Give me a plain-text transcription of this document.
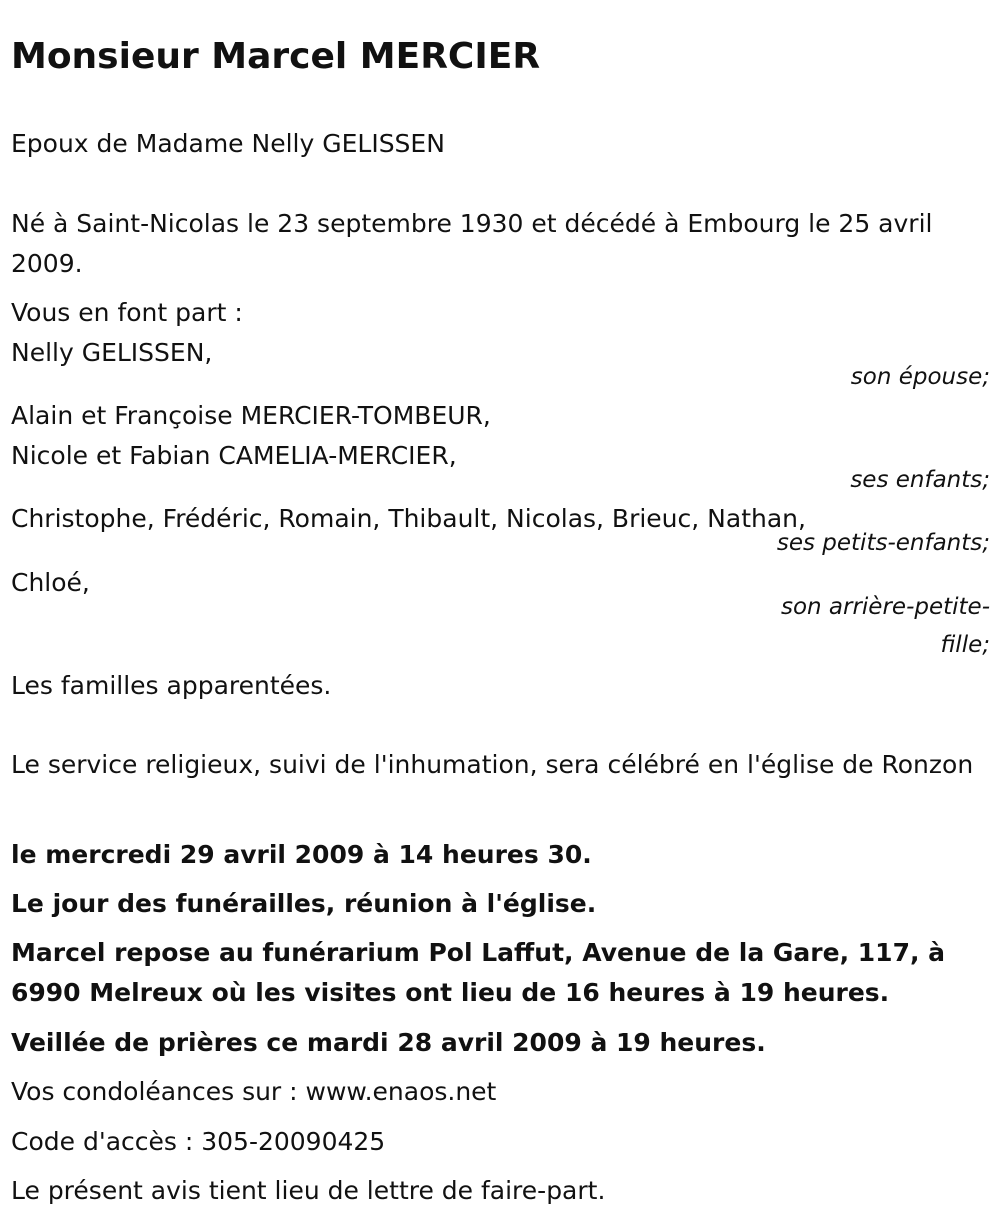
Monsieur Marcel MERCIER

Epoux de Madame Nelly GELISSEN

Né à Saint-Nicolas le 23 septembre 1930 et décédé à Embourg le 25 avril 2009.

Vous en font part :

Nelly GELISSEN,

son épouse;

Alain et Françoise MERCIER-TOMBEUR,

Nicole et Fabian CAMELIA-MERCIER,

ses enfants;

Christophe, Frédéric, Romain, Thibault, Nicolas, Brieuc, Nathan,

ses petits-enfants;

Chloé,

son arrière-petite-fille;

Les familles apparentées.

Le service religieux, suivi de l'inhumation, sera célébré en l'église de Ronzon

le mercredi 29 avril 2009 à 14 heures 30.

Le jour des funérailles, réunion à l'église.

Marcel repose au funérarium Pol Laffut, Avenue de la Gare, 117, à 6990 Melreux où les visites ont lieu de 16 heures à 19 heures.

Veillée de prières ce mardi 28 avril 2009 à 19 heures.

Vos condoléances sur : www.enaos.net

Code d'accès : 305-20090425

Le présent avis tient lieu de lettre de faire-part.
